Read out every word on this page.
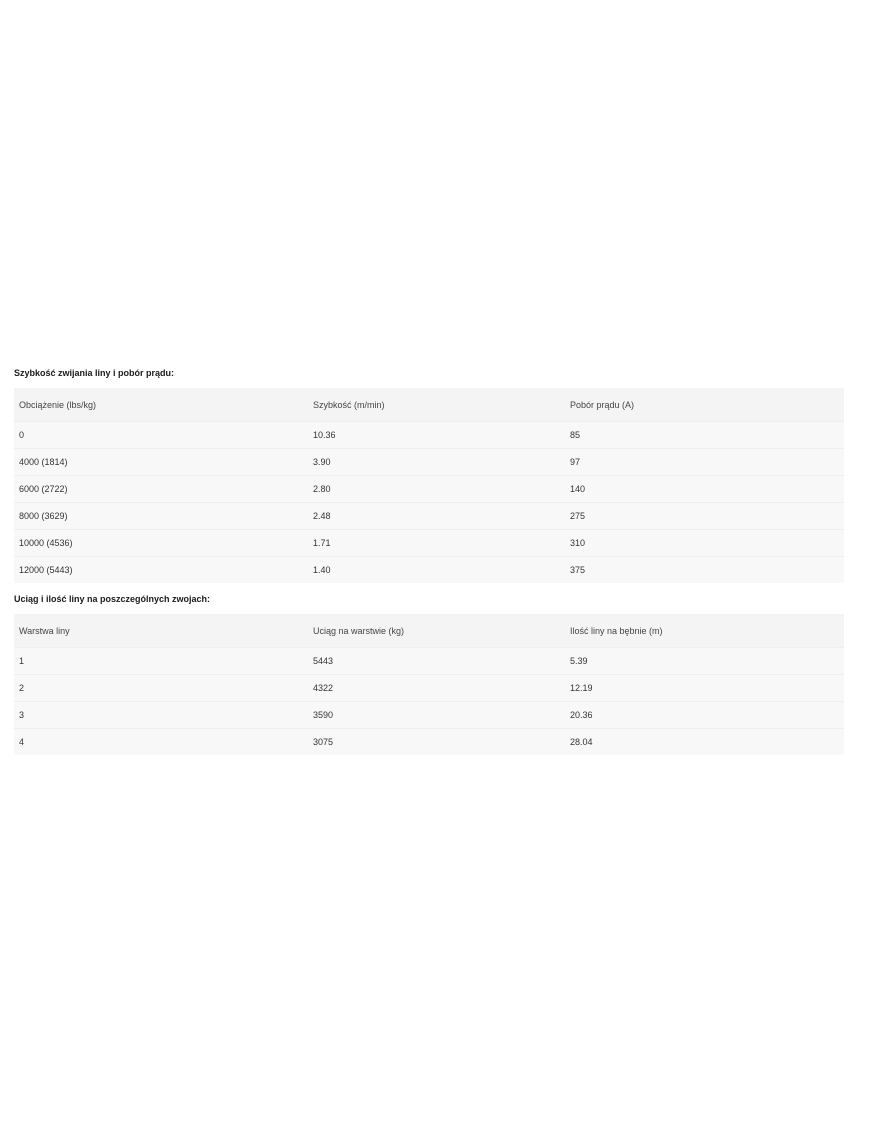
Szybkość zwijania liny i pobór prądu:
Obciążenie (lbs/kg)	Szybkość (m/min)	Pobór prądu (A)
0	10.36	85
4000 (1814)	3.90	97
6000 (2722)	2.80	140
8000 (3629)	2.48	275
10000 (4536)	1.71	310
12000 (5443)	1.40	375
Uciąg i ilość liny na poszczególnych zwojach:
Warstwa liny	Uciąg na warstwie (kg)	Ilość liny na bębnie (m)
1	5443	5.39
2	4322	12.19
3	3590	20.36
4	3075	28.04
